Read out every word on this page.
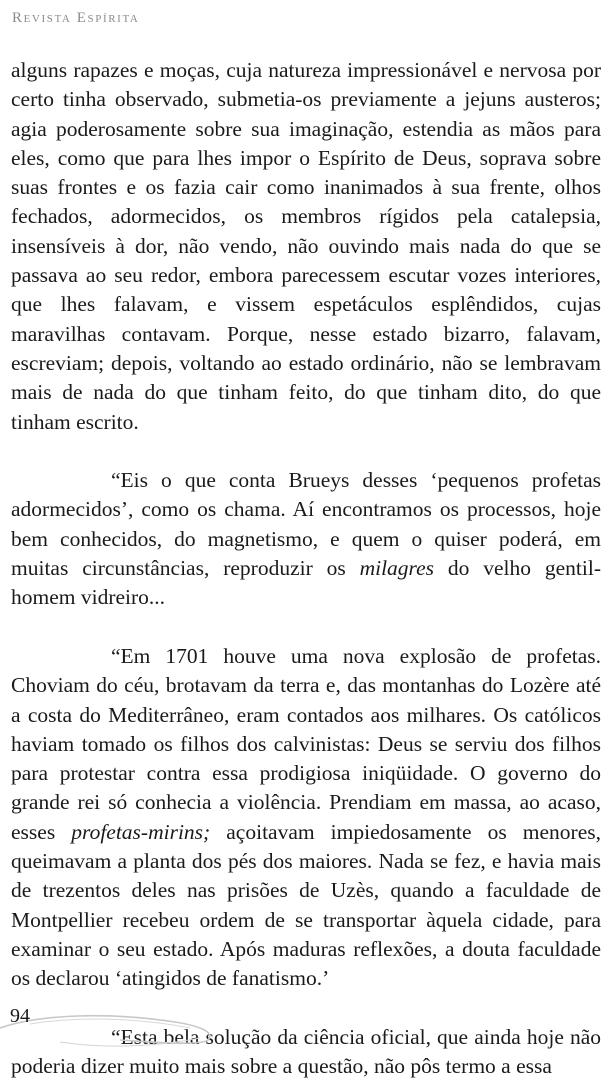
Revista Espírita

alguns rapazes e moças, cuja natureza impressionável e nervosa por certo tinha observado, submetia-os previamente a jejuns austeros; agia poderosamente sobre sua imaginação, estendia as mãos para eles, como que para lhes impor o Espírito de Deus, soprava sobre suas frontes e os fazia cair como inanimados à sua frente, olhos fechados, adormecidos, os membros rígidos pela catalepsia, insensíveis à dor, não vendo, não ouvindo mais nada do que se passava ao seu redor, embora parecessem escutar vozes interiores, que lhes falavam, e vissem espetáculos esplêndidos, cujas maravilhas contavam. Porque, nesse estado bizarro, falavam, escreviam; depois, voltando ao estado ordinário, não se lembravam mais de nada do que tinham feito, do que tinham dito, do que tinham escrito.

“Eis o que conta Brueys desses ‘pequenos profetas adormecidos’, como os chama. Aí encontramos os processos, hoje bem conhecidos, do magnetismo, e quem o quiser poderá, em muitas circunstâncias, reproduzir os milagres do velho gentil-homem vidreiro...

“Em 1701 houve uma nova explosão de profetas. Choviam do céu, brotavam da terra e, das montanhas do Lozère até a costa do Mediterrâneo, eram contados aos milhares. Os católicos haviam tomado os filhos dos calvinistas: Deus se serviu dos filhos para protestar contra essa prodigiosa iniqüidade. O governo do grande rei só conhecia a violência. Prendiam em massa, ao acaso, esses profetas-mirins; açoitavam impiedosamente os menores, queimavam a planta dos pés dos maiores. Nada se fez, e havia mais de trezentos deles nas prisões de Uzès, quando a faculdade de Montpellier recebeu ordem de se transportar àquela cidade, para examinar o seu estado. Após maduras reflexões, a douta faculdade os declarou ‘atingidos de fanatismo.’

“Esta bela solução da ciência oficial, que ainda hoje não poderia dizer muito mais sobre a questão, não pôs termo a essa

94
